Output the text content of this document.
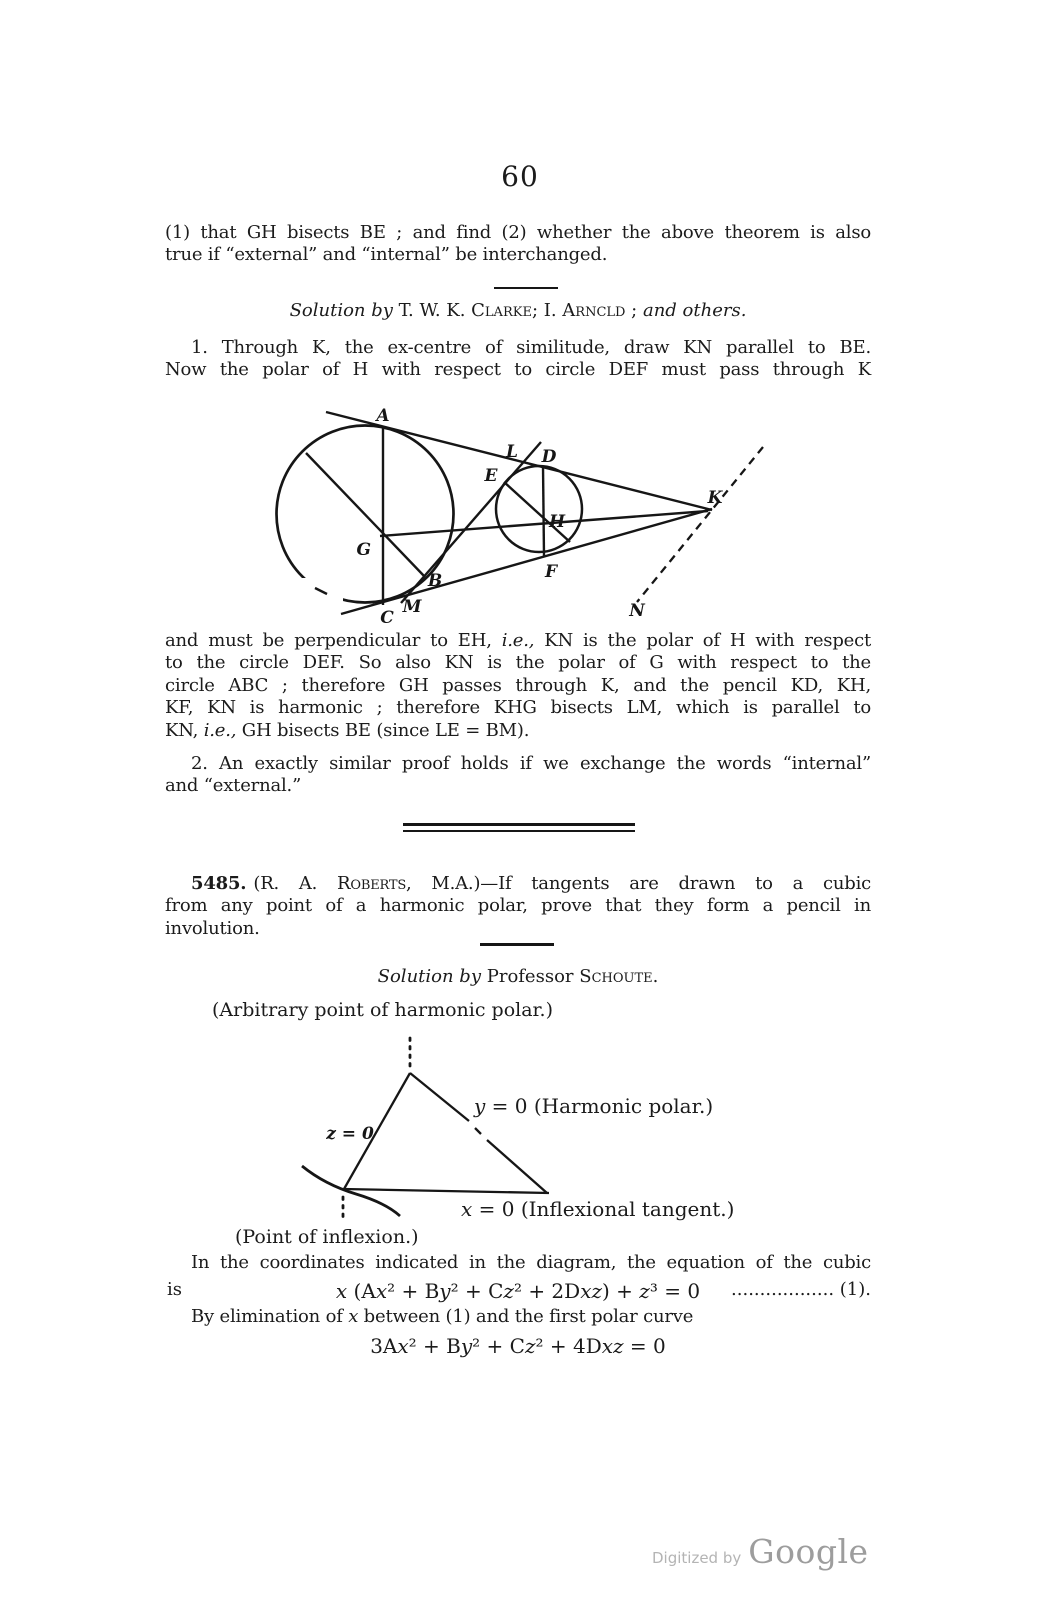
60
(1) that GH bisects BE ; and find (2) whether the above theorem is also
true if “external” and “internal” be interchanged.
Solution by T. W. K. Clarke; I. Arncld ; and others.
1. Through K, the ex-centre of similitude, draw KN parallel to BE.
Now the polar of H with respect to circle DEF must pass through K
A
L D
E
K
G
H
B
M
C
F
N
and must be perpendicular to EH, i.e., KN is the polar of H with respect
to the circle DEF. So also KN is the polar of G with respect to the
circle ABC ; therefore GH passes through K, and the pencil KD, KH,
KF, KN is harmonic ; therefore KHG bisects LM, which is parallel to
KN, i.e., GH bisects BE (since LE = BM).
2. An exactly similar proof holds if we exchange the words “internal”
and “external.”
5485. (R. A. Roberts, M.A.)—If tangents are drawn to a cubic
from any point of a harmonic polar, prove that they form a pencil in
involution.
Solution by Professor Schoute.
(Arbitrary point of harmonic polar.)
z = 0
y = 0 (Harmonic polar.)
x = 0 (Inflexional tangent.)
(Point of inflexion.)
In the coordinates indicated in the diagram, the equation of the cubic
is	x (Ax² + By² + Cz² + 2Dxz) + z³ = 0	.................. (1).
By elimination of x between (1) and the first polar curve
3Ax² + By² + Cz² + 4Dxz = 0
Digitized by Google
